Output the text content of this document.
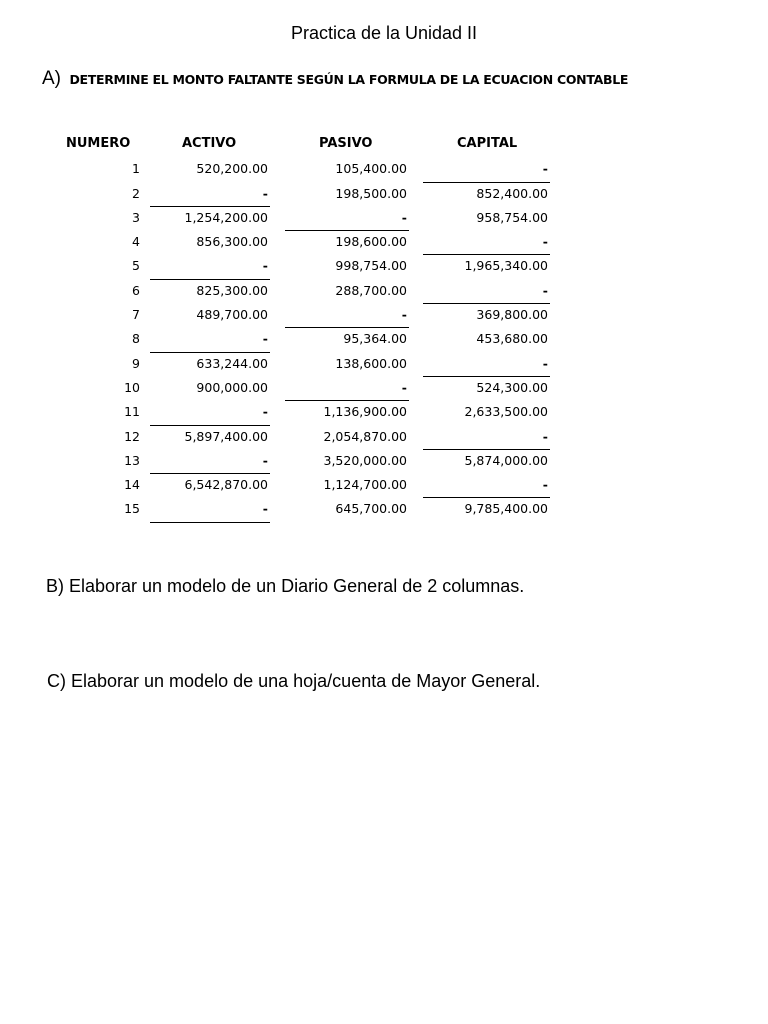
Practica de la Unidad II
A) DETERMINE EL MONTO FALTANTE SEGÚN LA FORMULA DE LA ECUACION CONTABLE
NUMERO	ACTIVO	PASIVO	CAPITAL
1	520,200.00	105,400.00	-
2	-	198,500.00	852,400.00
3	1,254,200.00	-	958,754.00
4	856,300.00	198,600.00	-
5	-	998,754.00	1,965,340.00
6	825,300.00	288,700.00	-
7	489,700.00	-	369,800.00
8	-	95,364.00	453,680.00
9	633,244.00	138,600.00	-
10	900,000.00	-	524,300.00
11	-	1,136,900.00	2,633,500.00
12	5,897,400.00	2,054,870.00	-
13	-	3,520,000.00	5,874,000.00
14	6,542,870.00	1,124,700.00	-
15	-	645,700.00	9,785,400.00
B) Elaborar un modelo de un Diario General de 2 columnas.
C) Elaborar un modelo de una hoja/cuenta de Mayor General.
